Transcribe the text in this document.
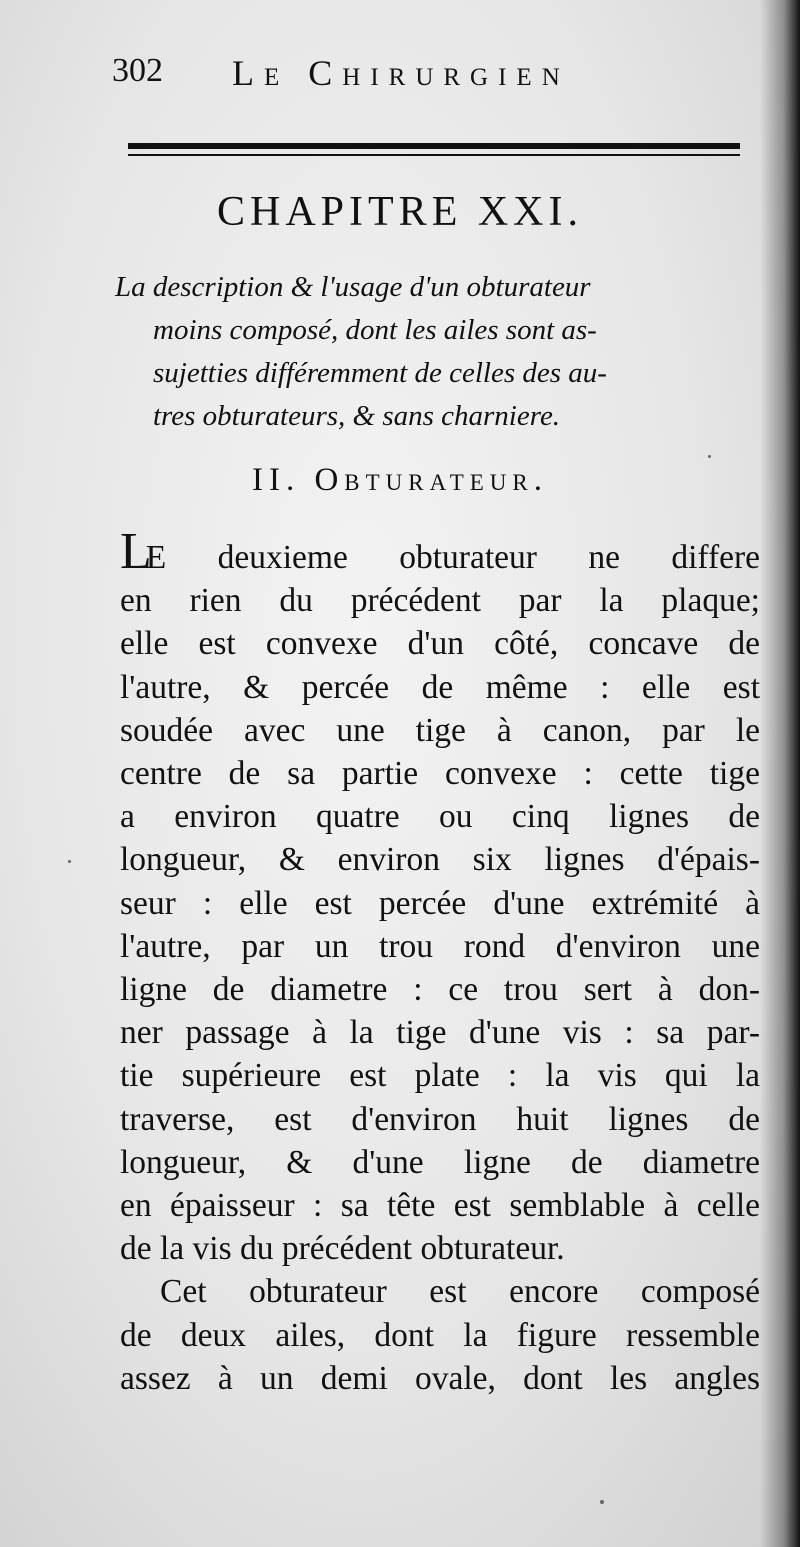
302 Le Chirurgien
CHAPITRE XXI.
La description & l'usage d'un obturateur
moins composé, dont les ailes sont as-
sujetties différemment de celles des au-
tres obturateurs, & sans charniere.
II. Obturateur.
LE deuxieme obturateur ne differe
en rien du précédent par la plaque;
elle est convexe d'un côté, concave de
l'autre, & percée de même : elle est
soudée avec une tige à canon, par le
centre de sa partie convexe : cette tige
a environ quatre ou cinq lignes de
longueur, & environ six lignes d'épais-
seur : elle est percée d'une extrémité à
l'autre, par un trou rond d'environ une
ligne de diametre : ce trou sert à don-
ner passage à la tige d'une vis : sa par-
tie supérieure est plate : la vis qui la
traverse, est d'environ huit lignes de
longueur, & d'une ligne de diametre
en épaisseur : sa tête est semblable à celle
de la vis du précédent obturateur.
Cet obturateur est encore composé
de deux ailes, dont la figure ressemble
assez à un demi ovale, dont les angles
